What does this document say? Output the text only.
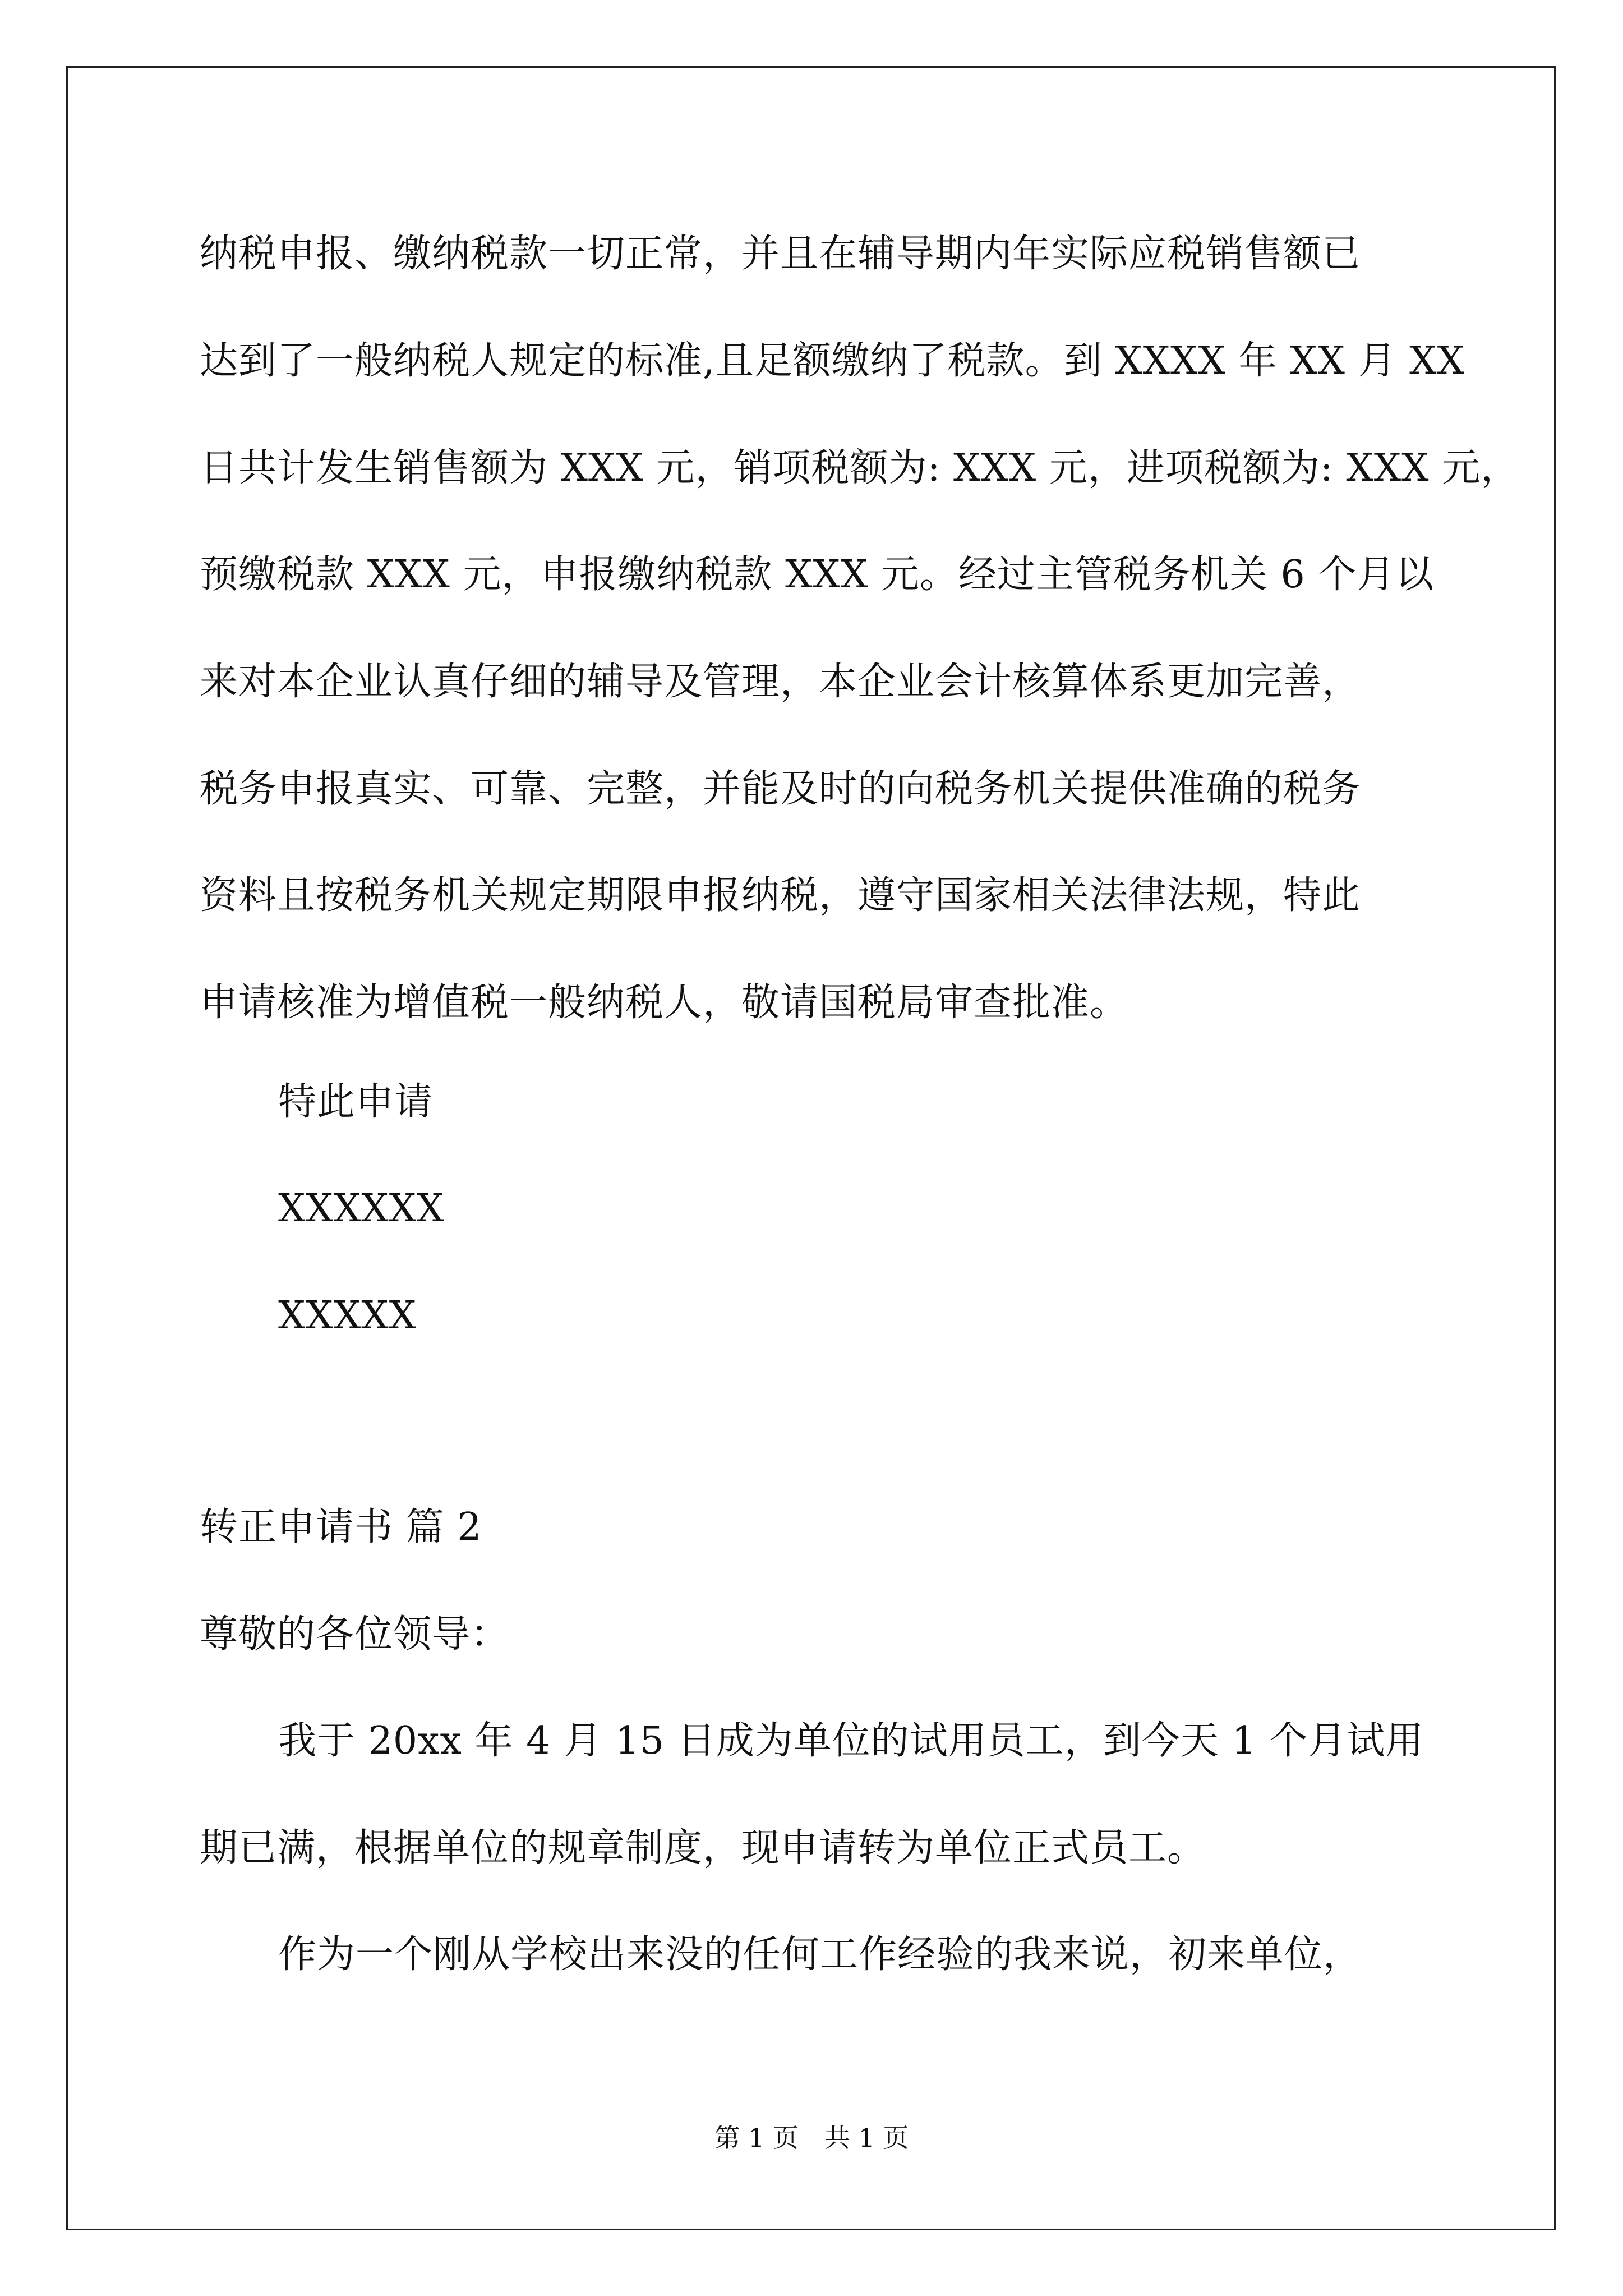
纳税申报、缴纳税款一切正常，并且在辅导期内年实际应税销售额已
达到了一般纳税人规定的标准,且足额缴纳了税款。到 XXXX 年 XX 月 XX
日共计发生销售额为 XXX 元，销项税额为: XXX 元，进项税额为: XXX 元，
预缴税款 XXX 元，申报缴纳税款 XXX 元。经过主管税务机关 6 个月以
来对本企业认真仔细的辅导及管理，本企业会计核算体系更加完善，
税务申报真实、可靠、完整，并能及时的向税务机关提供准确的税务
资料且按税务机关规定期限申报纳税，遵守国家相关法律法规，特此
申请核准为增值税一般纳税人，敬请国税局审查批准。
特此申请
XXXXXX
XXXXX
转正申请书 篇 2
尊敬的各位领导：
我于 20xx 年 4 月 15 日成为单位的试用员工，到今天 1 个月试用
期已满，根据单位的规章制度，现申请转为单位正式员工。
作为一个刚从学校出来没的任何工作经验的我来说，初来单位，
第 1 页 共 1 页
